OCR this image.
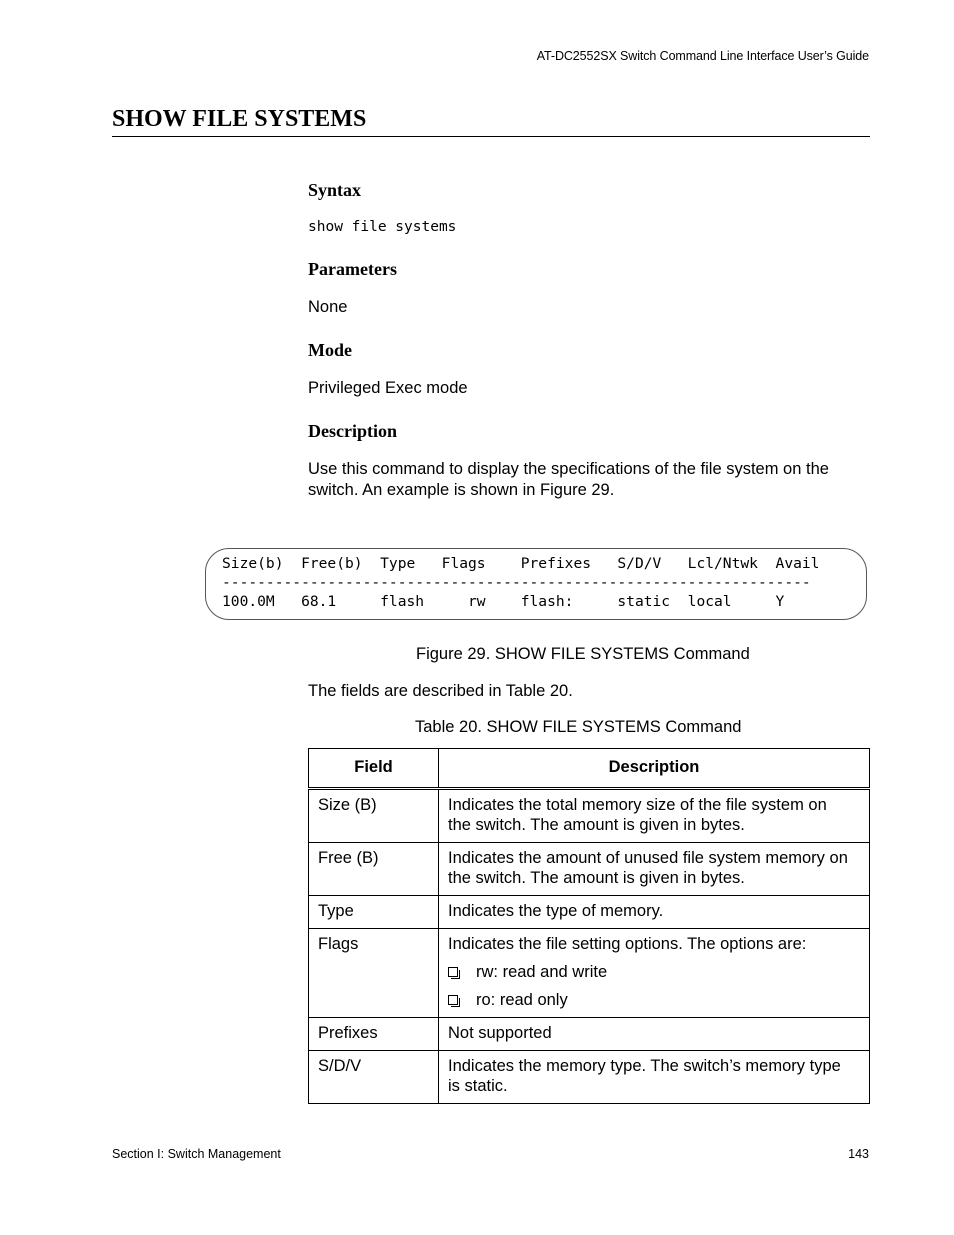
AT-DC2552SX Switch Command Line Interface User’s Guide
SHOW FILE SYSTEMS
Syntax
show file systems
Parameters
None
Mode
Privileged Exec mode
Description
Use this command to display the specifications of the file system on the
switch. An example is shown in Figure 29.
Size(b)  Free(b)  Type   Flags    Prefixes   S/D/V   Lcl/Ntwk  Avail
-------------------------------------------------------------------
100.0M   68.1     flash     rw    flash:     static  local     Y
Figure 29. SHOW FILE SYSTEMS Command
The fields are described in Table 20.
Table 20. SHOW FILE SYSTEMS Command
Field	Description
Size (B)	Indicates the total memory size of the file system on
the switch. The amount is given in bytes.

Free (B)	Indicates the amount of unused file system memory on
the switch. The amount is given in bytes.

Type	Indicates the type of memory.
Flags	Indicates the file setting options. The options are:
rw: read and write
ro: read only

Prefixes	Not supported
S/D/V	Indicates the memory type. The switch’s memory type
is static.
Section I: Switch Management	143
